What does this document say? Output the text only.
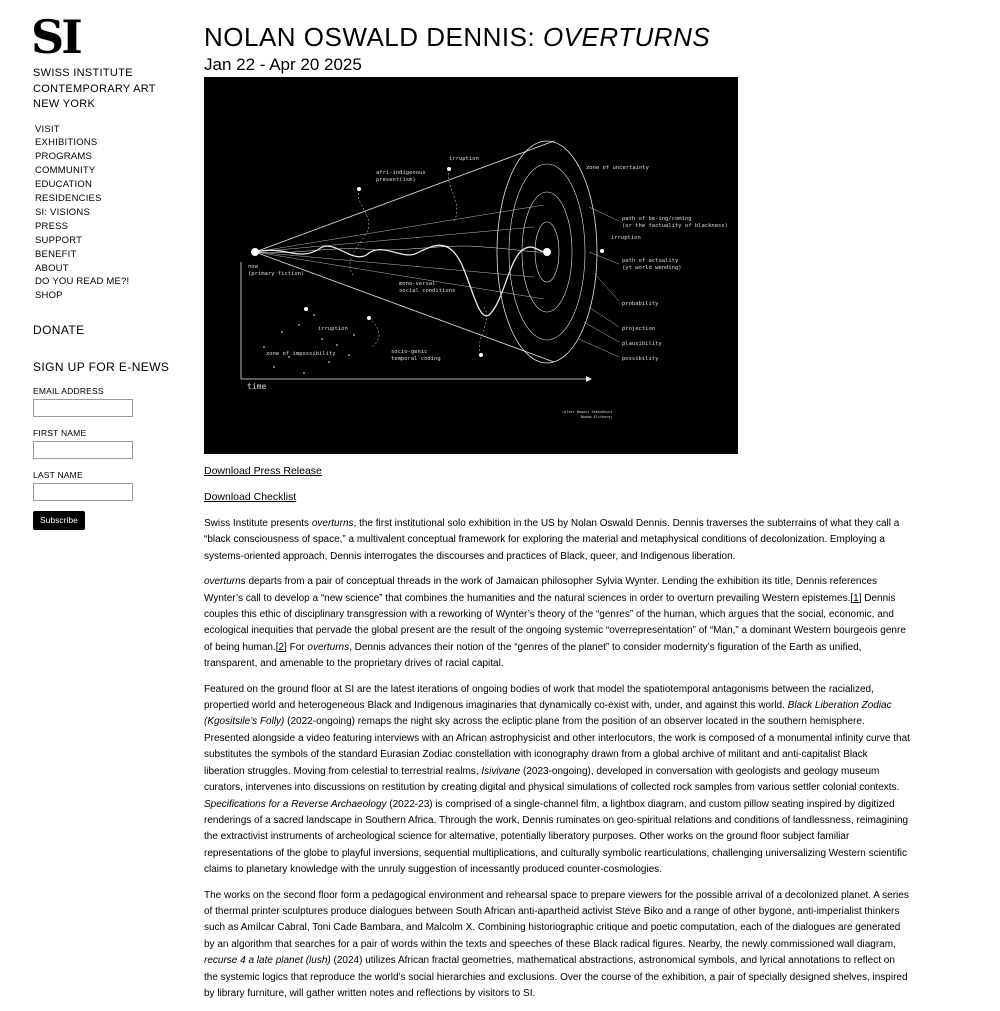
SI
SWISS INSTITUTE
CONTEMPORARY ART
NEW YORK
VISIT
EXHIBITIONS
PROGRAMS
COMMUNITY
EDUCATION
RESIDENCIES
SI: VISIONS
PRESS
SUPPORT
BENEFIT
ABOUT
DO YOU READ ME?!
SHOP
DONATE
SIGN UP FOR E-NEWS
EMAIL ADDRESS
FIRST NAME
LAST NAME
Subscribe
NOLAN OSWALD DENNIS: OVERTURNS
Jan 22 - Apr 20 2025
afri-indigenous
present(ism)
irruption
zone of uncertainty
path of be-ing/coming
(or the factuality of blackness)
irruption
path of actuality
(yt world wending)
now
(primary fiction)
mono-versal
social conditions
probability
irruption	projection
plausibility
possibility
zone of impossibility	socio-genic
temporal coding
time
(after Bogosi Sekhukhuni
Nkoba Elithora)
Download Press Release
Download Checklist

Swiss Institute presents overturns, the first institutional solo exhibition in the US by Nolan Oswald Dennis. Dennis traverses the subterrains of what they call a “black consciousness of space,” a multivalent conceptual framework for exploring the material and metaphysical conditions of decolonization. Employing a systems-oriented approach, Dennis interrogates the discourses and practices of Black, queer, and Indigenous liberation.

overturns departs from a pair of conceptual threads in the work of Jamaican philosopher Sylvia Wynter. Lending the exhibition its title, Dennis references Wynter’s call to develop a “new science” that combines the humanities and the natural sciences in order to overturn prevailing Western epistemes.[1] Dennis couples this ethic of disciplinary transgression with a reworking of Wynter’s theory of the “genres” of the human, which argues that the social, economic, and ecological inequities that pervade the global present are the result of the ongoing systemic “overrepresentation” of “Man,” a dominant Western bourgeois genre of being human.[2] For overturns, Dennis advances their notion of the “genres of the planet” to consider modernity’s figuration of the Earth as unified, transparent, and amenable to the proprietary drives of racial capital.

Featured on the ground floor at SI are the latest iterations of ongoing bodies of work that model the spatiotemporal antagonisms between the racialized, propertied world and heterogeneous Black and Indigenous imaginaries that dynamically co-exist with, under, and against this world. Black Liberation Zodiac (Kgositsile’s Folly) (2022-ongoing) remaps the night sky across the ecliptic plane from the position of an observer located in the southern hemisphere. Presented alongside a video featuring interviews with an African astrophysicist and other interlocutors, the work is composed of a monumental infinity curve that substitutes the symbols of the standard Eurasian Zodiac constellation with iconography drawn from a global archive of militant and anti-capitalist Black liberation struggles. Moving from celestial to terrestrial realms, Isivivane (2023-ongoing), developed in conversation with geologists and geology museum curators, intervenes into discussions on restitution by creating digital and physical simulations of collected rock samples from various settler colonial contexts. Specifications for a Reverse Archaeology (2022-23) is comprised of a single-channel film, a lightbox diagram, and custom pillow seating inspired by digitized renderings of a sacred landscape in Southern Africa. Through the work, Dennis ruminates on geo-spiritual relations and conditions of landlessness, reimagining the extractivist instruments of archeological science for alternative, potentially liberatory purposes. Other works on the ground floor subject familiar representations of the globe to playful inversions, sequential multiplications, and culturally symbolic rearticulations, challenging universalizing Western scientific claims to planetary knowledge with the unruly suggestion of incessantly produced counter-cosmologies.

The works on the second floor form a pedagogical environment and rehearsal space to prepare viewers for the possible arrival of a decolonized planet. A series of thermal printer sculptures produce dialogues between South African anti-apartheid activist Steve Biko and a range of other bygone, anti-imperialist thinkers such as Amílcar Cabral, Toni Cade Bambara, and Malcolm X. Combining historiographic critique and poetic computation, each of the dialogues are generated by an algorithm that searches for a pair of words within the texts and speeches of these Black radical figures. Nearby, the newly commissioned wall diagram, recurse 4 a late planet (lush) (2024) utilizes African fractal geometries, mathematical abstractions, astronomical symbols, and lyrical annotations to reflect on the systemic logics that reproduce the world’s social hierarchies and exclusions. Over the course of the exhibition, a pair of specially designed shelves, inspired by library furniture, will gather written notes and reflections by visitors to SI.
